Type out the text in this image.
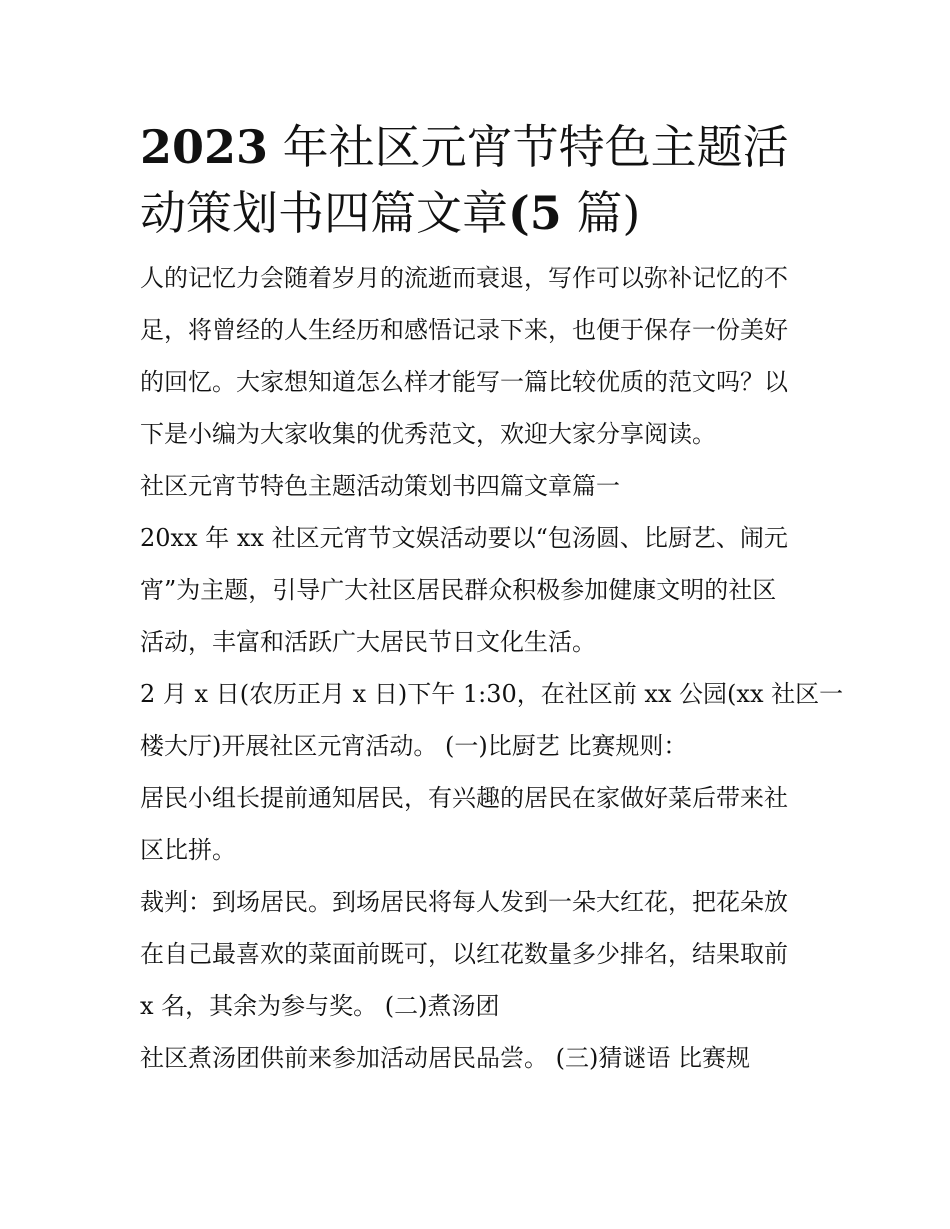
2023 年社区元宵节特色主题活
动策划书四篇文章(5 篇)

人的记忆力会随着岁月的流逝而衰退，写作可以弥补记忆的不
足，将曾经的人生经历和感悟记录下来，也便于保存一份美好
的回忆。大家想知道怎么样才能写一篇比较优质的范文吗？以
下是小编为大家收集的优秀范文，欢迎大家分享阅读。

社区元宵节特色主题活动策划书四篇文章篇一

20xx 年 xx 社区元宵节文娱活动要以“包汤圆、比厨艺、闹元
宵”为主题，引导广大社区居民群众积极参加健康文明的社区
活动，丰富和活跃广大居民节日文化生活。

2 月 x 日(农历正月 x 日)下午 1:30，在社区前 xx 公园(xx 社区一
楼大厅)开展社区元宵活动。 (一)比厨艺 比赛规则：

居民小组长提前通知居民，有兴趣的居民在家做好菜后带来社
区比拼。

裁判：到场居民。到场居民将每人发到一朵大红花，把花朵放
在自己最喜欢的菜面前既可，以红花数量多少排名，结果取前
x 名，其余为参与奖。 (二)煮汤团

社区煮汤团供前来参加活动居民品尝。 (三)猜谜语 比赛规
